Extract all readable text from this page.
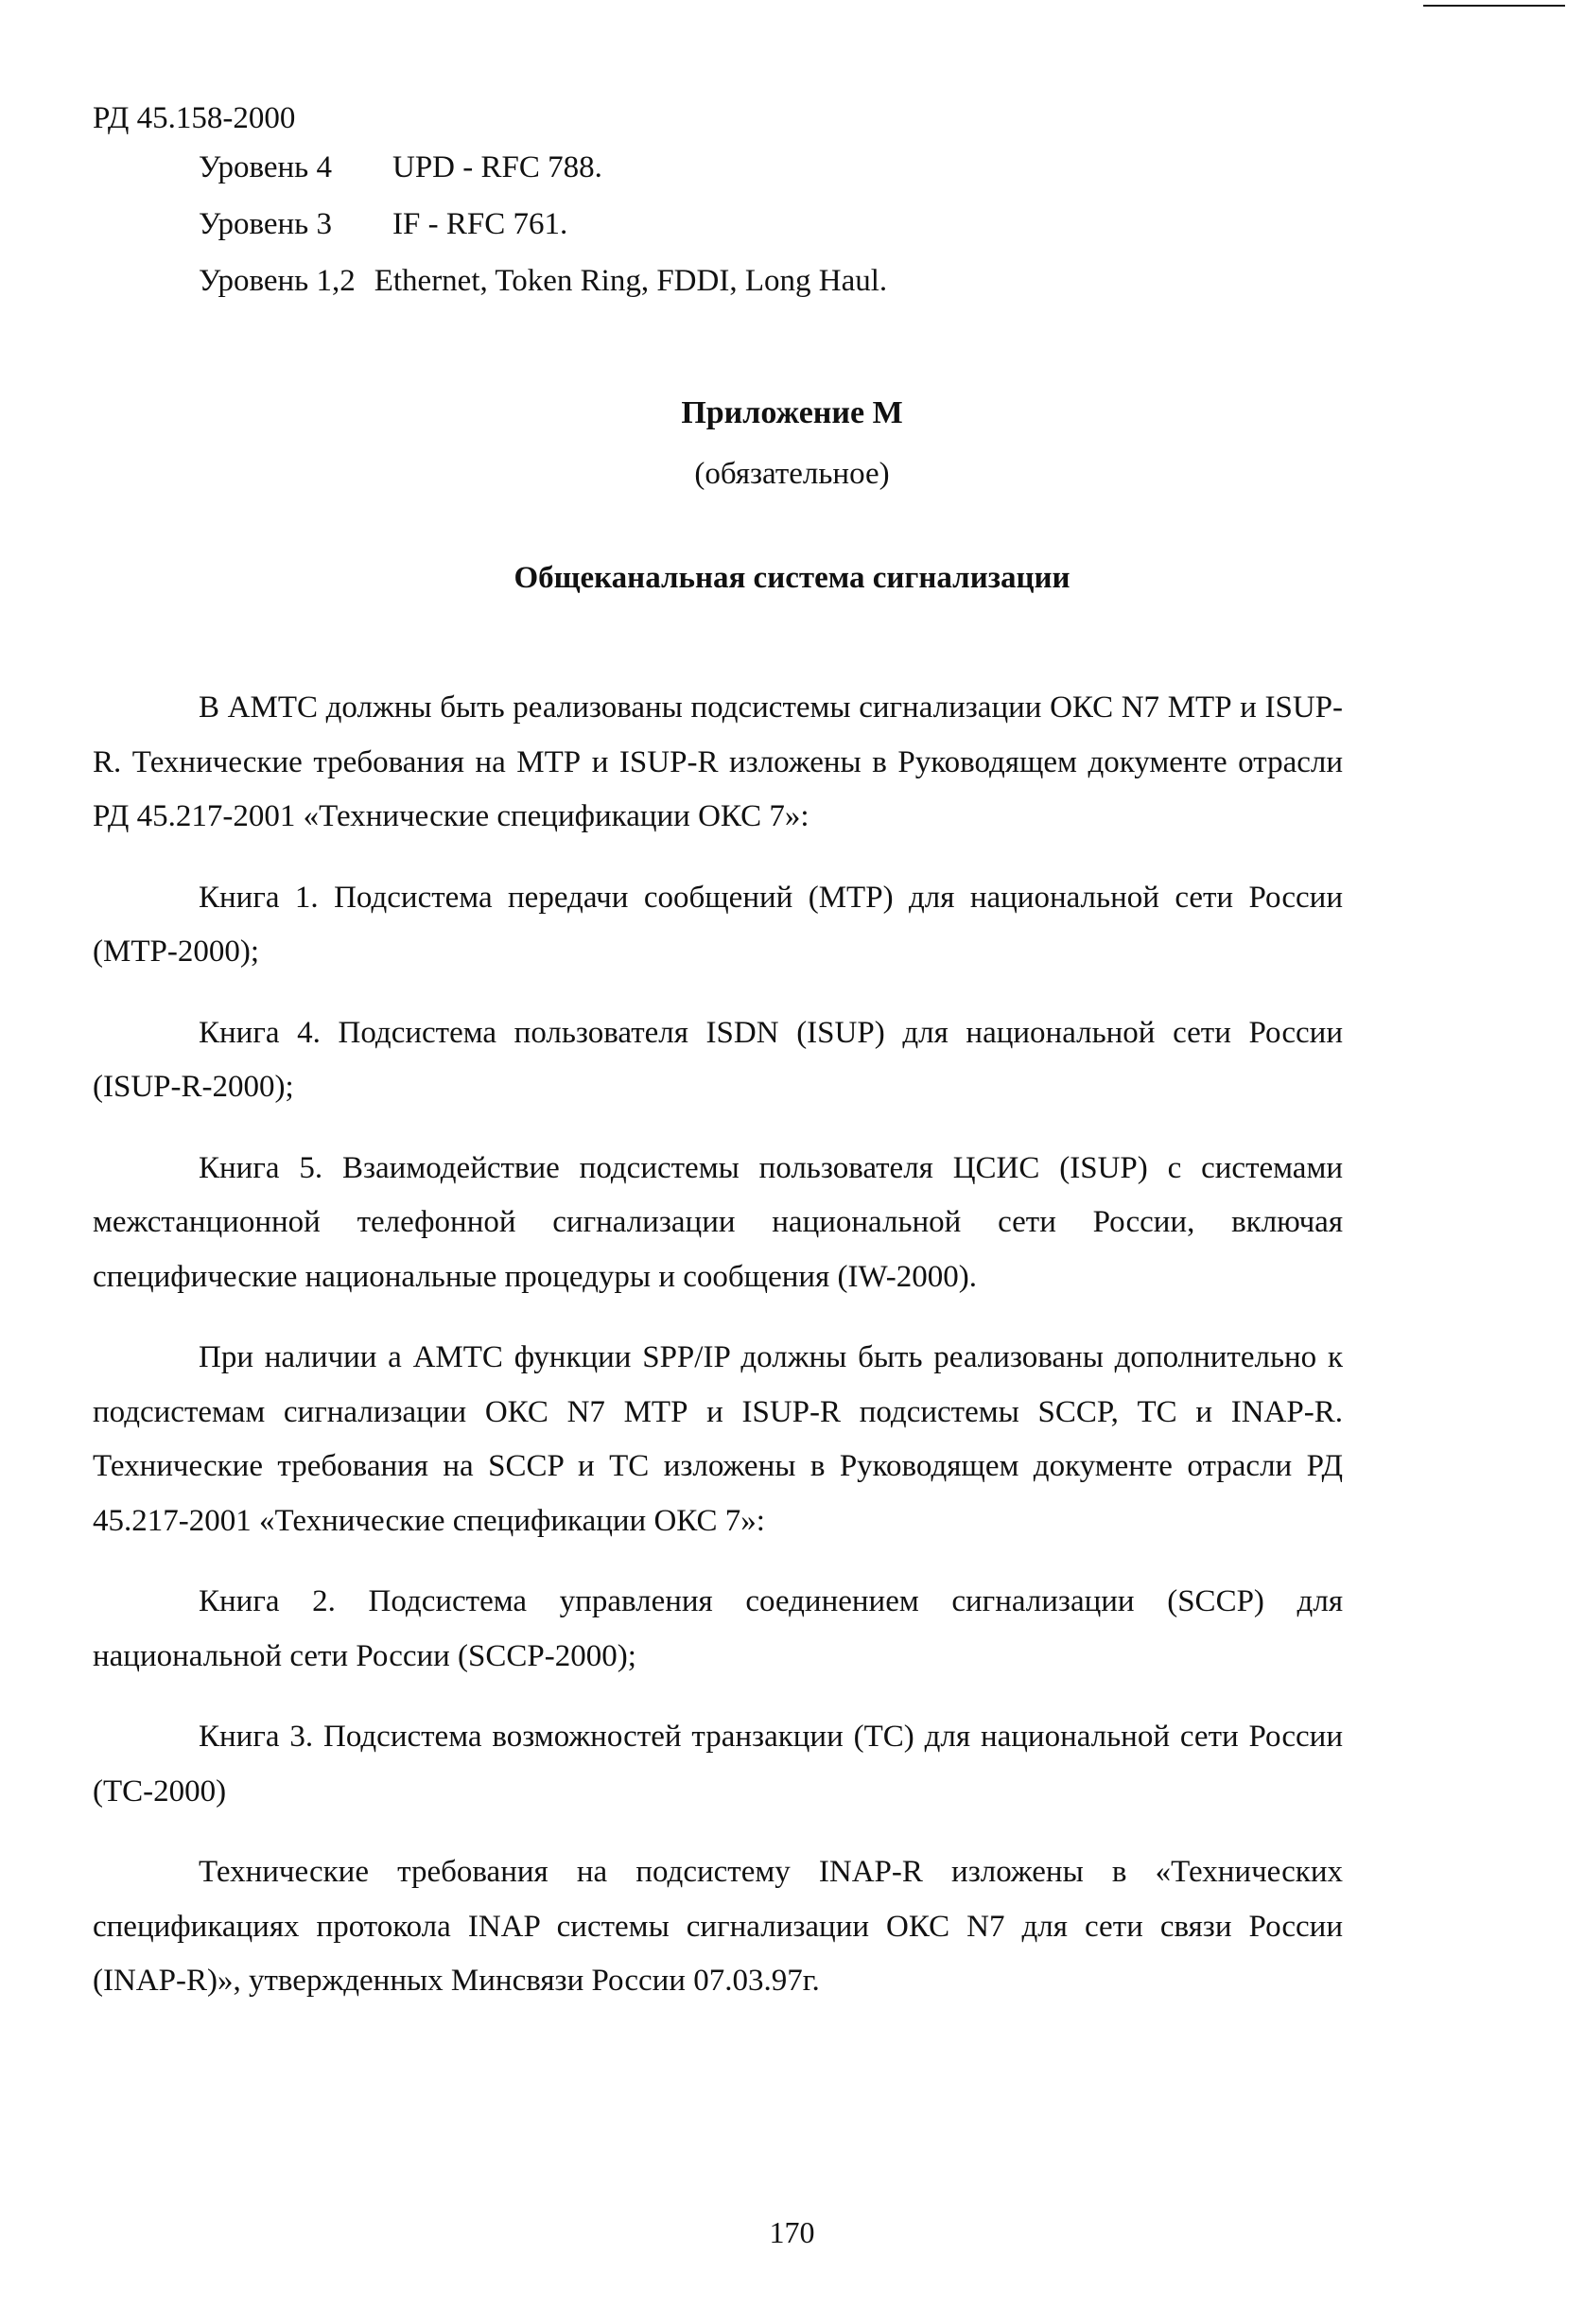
РД 45.158-2000
Уровень 4 UPD - RFC 788.
Уровень 3 IF - RFC 761.
Уровень 1,2 Ethernet, Token Ring, FDDI, Long Haul.
Приложение М
(обязательное)
Общеканальная система сигнализации

В АМТС должны быть реализованы подсистемы сигнализации ОКС N7 МТР и ISUP-R. Технические требования на МТР и ISUP-R изложены в Руководящем документе отрасли РД 45.217-2001 «Технические спецификации ОКС 7»:

Книга 1. Подсистема передачи сообщений (МТР) для национальной сети России (МТР-2000);

Книга 4. Подсистема пользователя ISDN (ISUP) для национальной сети России (ISUP-R-2000);

Книга 5. Взаимодействие подсистемы пользователя ЦСИС (ISUP) с системами межстанционной телефонной сигнализации национальной сети России, включая специфические национальные процедуры и сообщения (IW-2000).

При наличии а АМТС функции SPP/IP должны быть реализованы дополнительно к подсистемам сигнализации ОКС N7 МТР и ISUP-R подсистемы SCCP, ТС и INAP-R. Технические требования на SCCP и ТС изложены в Руководящем документе отрасли РД 45.217-2001 «Технические спецификации ОКС 7»:

Книга 2. Подсистема управления соединением сигнализации (SCCP) для национальной сети России (SCCP-2000);

Книга 3. Подсистема возможностей транзакции (ТС) для национальной сети России (ТС-2000)

Технические требования на подсистему INAP-R изложены в «Технических спецификациях протокола INAP системы сигнализации ОКС N7 для сети связи России (INAP-R)», утвержденных Минсвязи России 07.03.97г.

170
